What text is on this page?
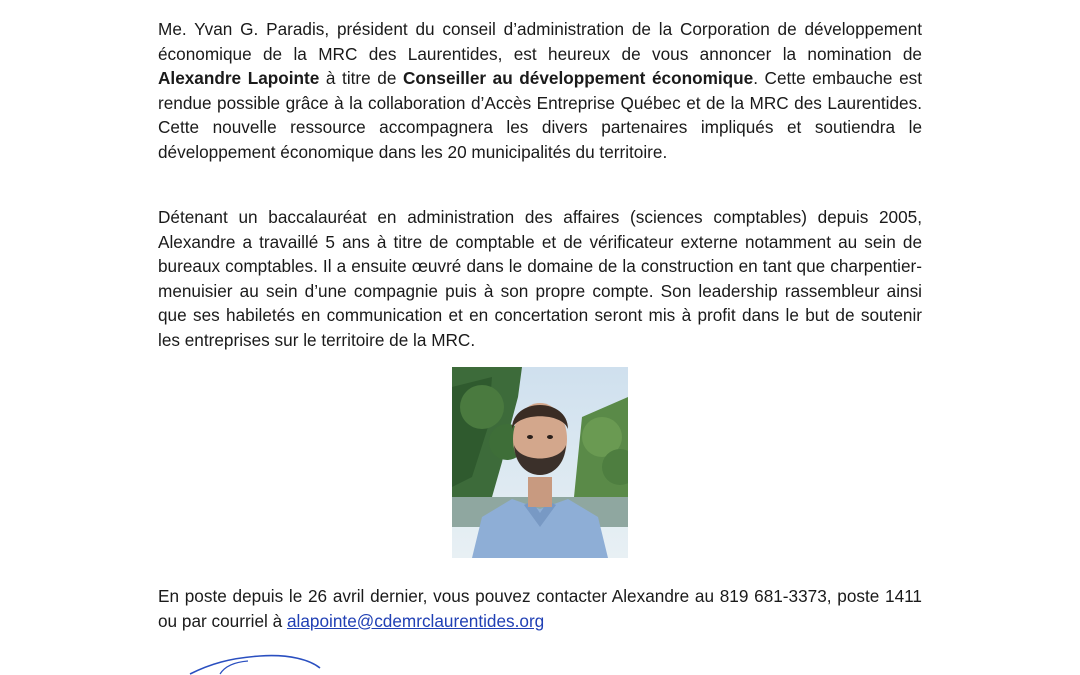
Me. Yvan G. Paradis, président du conseil d’administration de la Corporation de développement économique de la MRC des Laurentides, est heureux de vous annoncer la nomination de Alexandre Lapointe à titre de Conseiller au développement économique. Cette embauche est rendue possible grâce à la collaboration d’Accès Entreprise Québec et de la MRC des Laurentides. Cette nouvelle ressource accompagnera les divers partenaires impliqués et soutiendra le développement économique dans les 20 municipalités du territoire.

Détenant un baccalauréat en administration des affaires (sciences comptables) depuis 2005, Alexandre a travaillé 5 ans à titre de comptable et de vérificateur externe notamment au sein de bureaux comptables. Il a ensuite œuvré dans le domaine de la construction en tant que charpentier-menuisier au sein d’une compagnie puis à son propre compte. Son leadership rassembleur ainsi que ses habiletés en communication et en concertation seront mis à profit dans le but de soutenir les entreprises sur le territoire de la MRC.

En poste depuis le 26 avril dernier, vous pouvez contacter Alexandre au 819 681-3373, poste 1411 ou par courriel à alapointe@cdemrclaurentides.org
